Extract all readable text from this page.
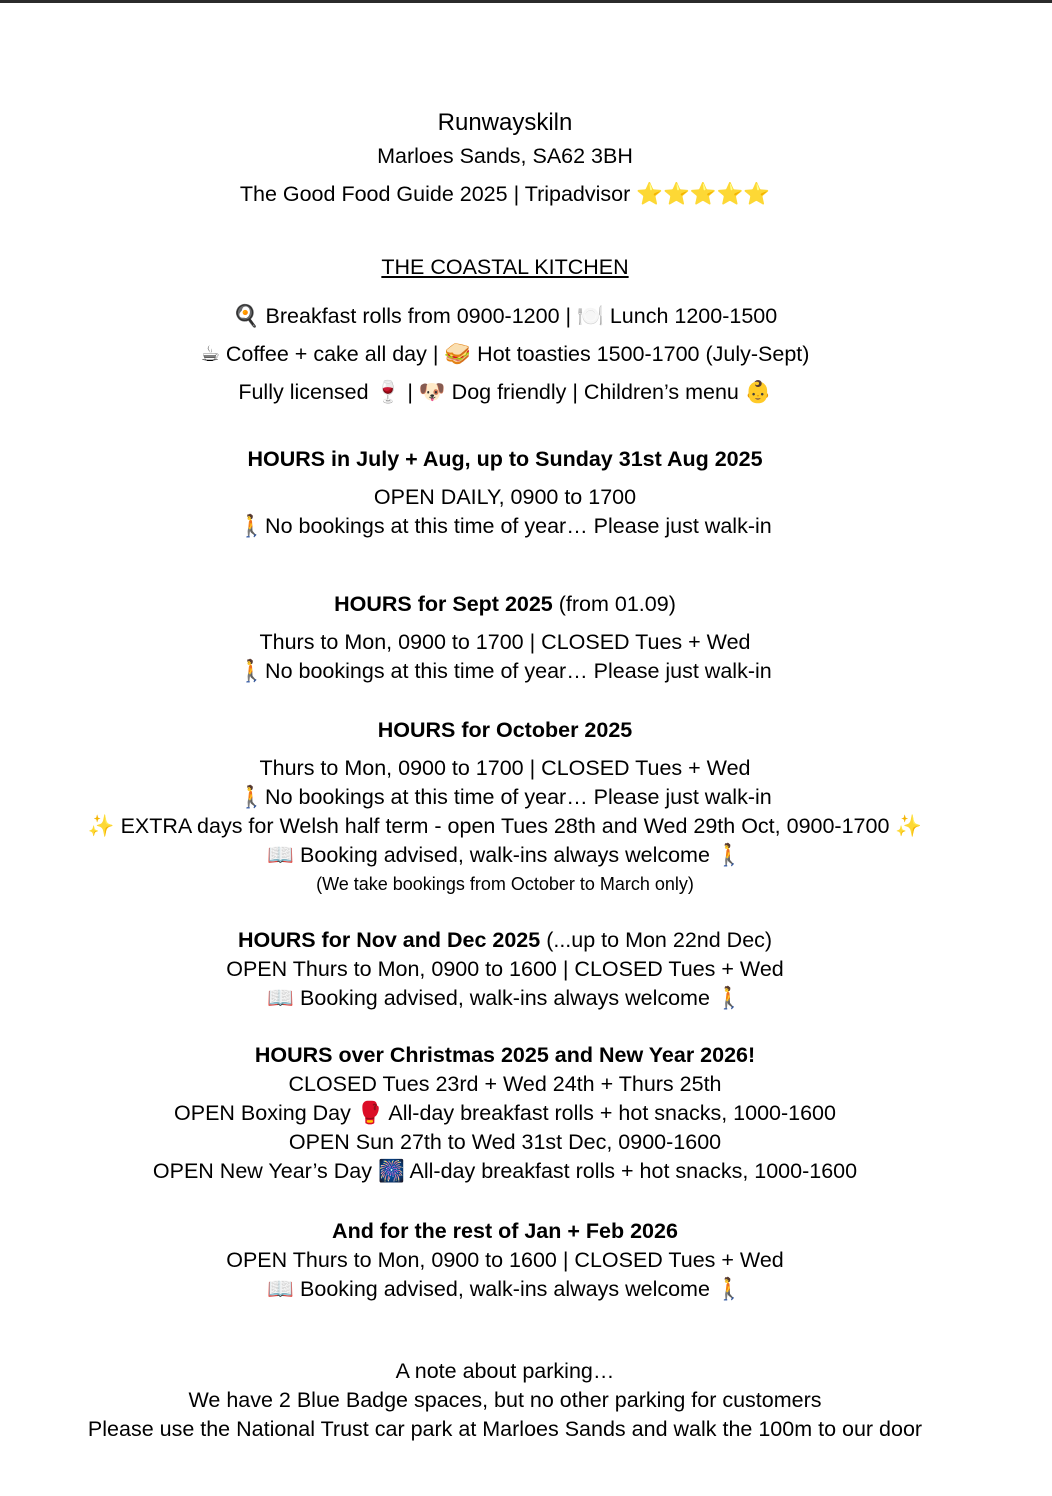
Runwayskiln
Marloes Sands, SA62 3BH
The Good Food Guide 2025 | Tripadvisor ⭐⭐⭐⭐⭐
THE COASTAL KITCHEN
🍳 Breakfast rolls from 0900-1200 | 🍽️ Lunch 1200-1500
☕ Coffee + cake all day | 🥪 Hot toasties 1500-1700 (July-Sept)
Fully licensed 🍷 | 🐶 Dog friendly | Children’s menu 👶
HOURS in July + Aug, up to Sunday 31st Aug 2025
OPEN DAILY, 0900 to 1700
🚶No bookings at this time of year… Please just walk-in
HOURS for Sept 2025 (from 01.09)
Thurs to Mon, 0900 to 1700 | CLOSED Tues + Wed
🚶No bookings at this time of year… Please just walk-in
HOURS for October 2025
Thurs to Mon, 0900 to 1700 | CLOSED Tues + Wed
🚶No bookings at this time of year… Please just walk-in
✨ EXTRA days for Welsh half term - open Tues 28th and Wed 29th Oct, 0900-1700 ✨
📖 Booking advised, walk-ins always welcome 🚶
(We take bookings from October to March only)
HOURS for Nov and Dec 2025 (...up to Mon 22nd Dec)
OPEN Thurs to Mon, 0900 to 1600 | CLOSED Tues + Wed
📖 Booking advised, walk-ins always welcome 🚶
HOURS over Christmas 2025 and New Year 2026!
CLOSED Tues 23rd + Wed 24th + Thurs 25th
OPEN Boxing Day 🥊 All-day breakfast rolls + hot snacks, 1000-1600
OPEN Sun 27th to Wed 31st Dec, 0900-1600
OPEN New Year’s Day 🎆 All-day breakfast rolls + hot snacks, 1000-1600
And for the rest of Jan + Feb 2026
OPEN Thurs to Mon, 0900 to 1600 | CLOSED Tues + Wed
📖 Booking advised, walk-ins always welcome 🚶
A note about parking…
We have 2 Blue Badge spaces, but no other parking for customers
Please use the National Trust car park at Marloes Sands and walk the 100m to our door
